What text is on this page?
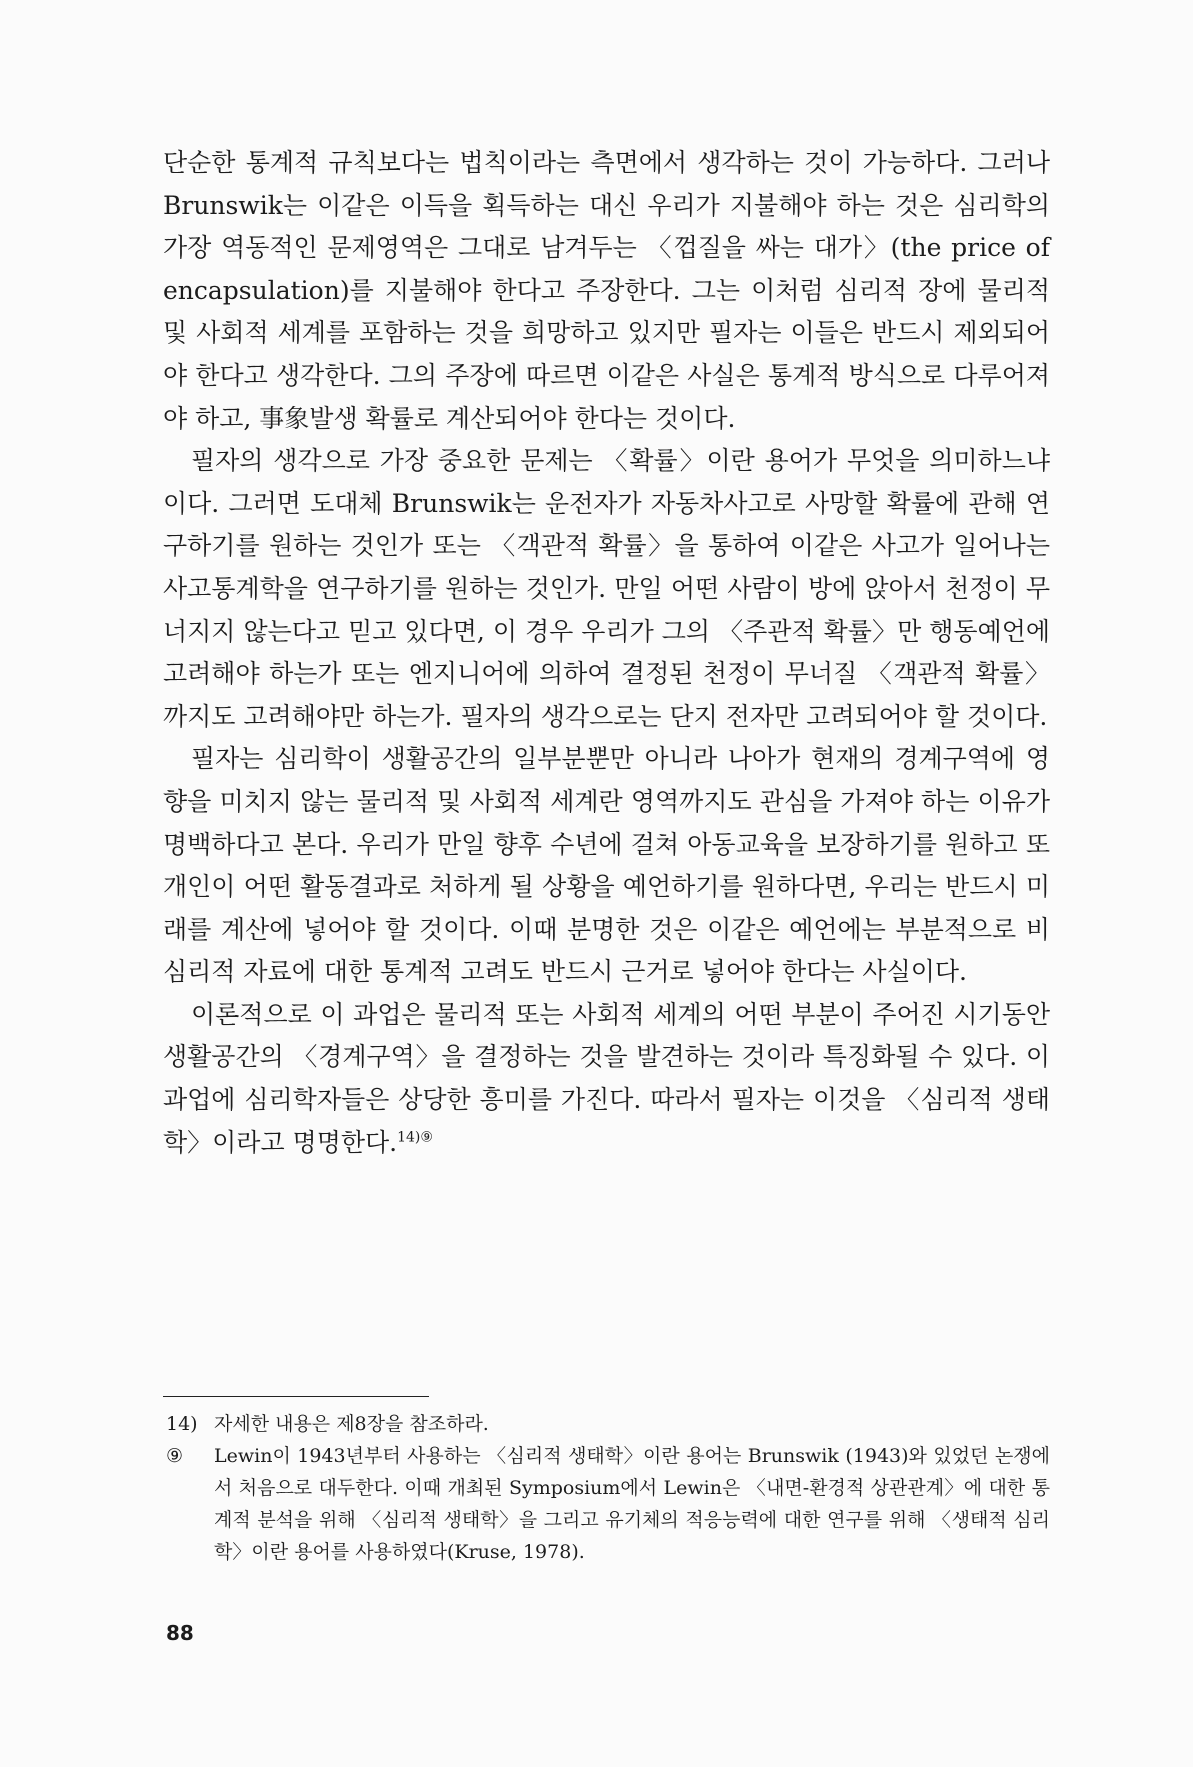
단순한 통계적 규칙보다는 법칙이라는 측면에서 생각하는 것이 가능하다. 그러나 Brunswik는 이같은 이득을 획득하는 대신 우리가 지불해야 하는 것은 심리학의 가장 역동적인 문제영역은 그대로 남겨두는 〈껍질을 싸는 대가〉(the price of encapsulation)를 지불해야 한다고 주장한다. 그는 이처럼 심리적 장에 물리적 및 사회적 세계를 포함하는 것을 희망하고 있지만 필자는 이들은 반드시 제외되어야 한다고 생각한다. 그의 주장에 따르면 이같은 사실은 통계적 방식으로 다루어져야 하고, 事象발생 확률로 계산되어야 한다는 것이다.

필자의 생각으로 가장 중요한 문제는 〈확률〉이란 용어가 무엇을 의미하느냐이다. 그러면 도대체 Brunswik는 운전자가 자동차사고로 사망할 확률에 관해 연구하기를 원하는 것인가 또는 〈객관적 확률〉을 통하여 이같은 사고가 일어나는 사고통계학을 연구하기를 원하는 것인가. 만일 어떤 사람이 방에 앉아서 천정이 무너지지 않는다고 믿고 있다면, 이 경우 우리가 그의 〈주관적 확률〉만 행동예언에 고려해야 하는가 또는 엔지니어에 의하여 결정된 천정이 무너질 〈객관적 확률〉까지도 고려해야만 하는가. 필자의 생각으로는 단지 전자만 고려되어야 할 것이다.

필자는 심리학이 생활공간의 일부분뿐만 아니라 나아가 현재의 경계구역에 영향을 미치지 않는 물리적 및 사회적 세계란 영역까지도 관심을 가져야 하는 이유가 명백하다고 본다. 우리가 만일 향후 수년에 걸쳐 아동교육을 보장하기를 원하고 또 개인이 어떤 활동결과로 처하게 될 상황을 예언하기를 원하다면, 우리는 반드시 미래를 계산에 넣어야 할 것이다. 이때 분명한 것은 이같은 예언에는 부분적으로 비심리적 자료에 대한 통계적 고려도 반드시 근거로 넣어야 한다는 사실이다.

이론적으로 이 과업은 물리적 또는 사회적 세계의 어떤 부분이 주어진 시기동안 생활공간의 〈경계구역〉을 결정하는 것을 발견하는 것이라 특징화될 수 있다. 이 과업에 심리학자들은 상당한 흥미를 가진다. 따라서 필자는 이것을 〈심리적 생태학〉이라고 명명한다.$^{14)⑨}$

14) 자세한 내용은 제8장을 참조하라.
⑨	Lewin이 1943년부터 사용하는 〈심리적 생태학〉이란 용어는 Brunswik (1943)와 있었던 논쟁에서 처음으로 대두한다. 이때 개최된 Symposium에서 Lewin은 〈내면-환경적 상관관계〉에 대한 통계적 분석을 위해 〈심리적 생태학〉을 그리고 유기체의 적응능력에 대한 연구를 위해 〈생태적 심리학〉이란 용어를 사용하였다(Kruse, 1978).
88
